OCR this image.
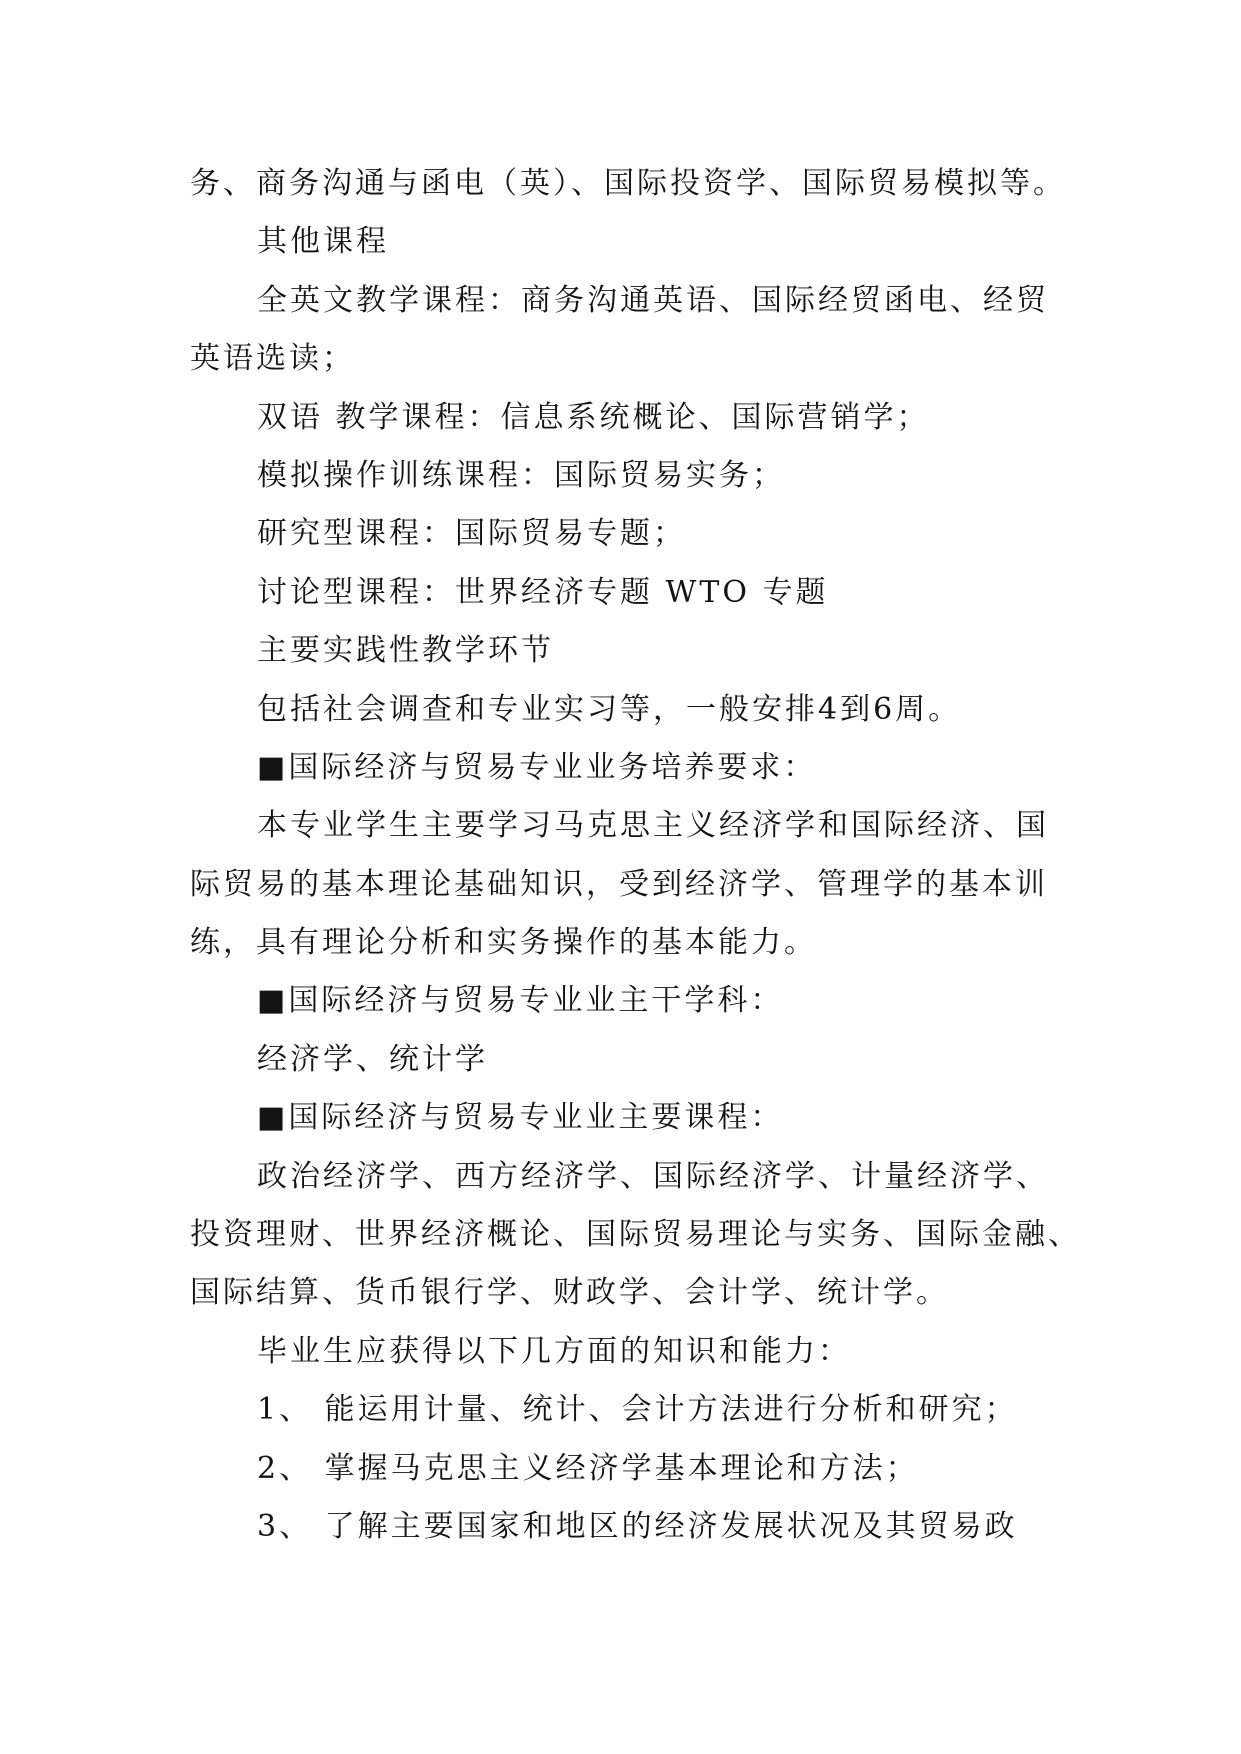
务、商务沟通与函电（英）、国际投资学、国际贸易模拟等。
其他课程
全英文教学课程：商务沟通英语、国际经贸函电、经贸
英语选读；
双语 教学课程：信息系统概论、国际营销学；
模拟操作训练课程：国际贸易实务；
研究型课程：国际贸易专题；
讨论型课程：世界经济专题 WTO 专题
主要实践性教学环节
包括社会调查和专业实习等，一般安排4到6周。
■国际经济与贸易专业业务培养要求：
本专业学生主要学习马克思主义经济学和国际经济、国
际贸易的基本理论基础知识，受到经济学、管理学的基本训
练，具有理论分析和实务操作的基本能力。
■国际经济与贸易专业业主干学科：
经济学、统计学
■国际经济与贸易专业业主要课程：
政治经济学、西方经济学、国际经济学、计量经济学、
投资理财、世界经济概论、国际贸易理论与实务、国际金融、
国际结算、货币银行学、财政学、会计学、统计学。
毕业生应获得以下几方面的知识和能力：
1、 能运用计量、统计、会计方法进行分析和研究；
2、 掌握马克思主义经济学基本理论和方法；
3、 了解主要国家和地区的经济发展状况及其贸易政
